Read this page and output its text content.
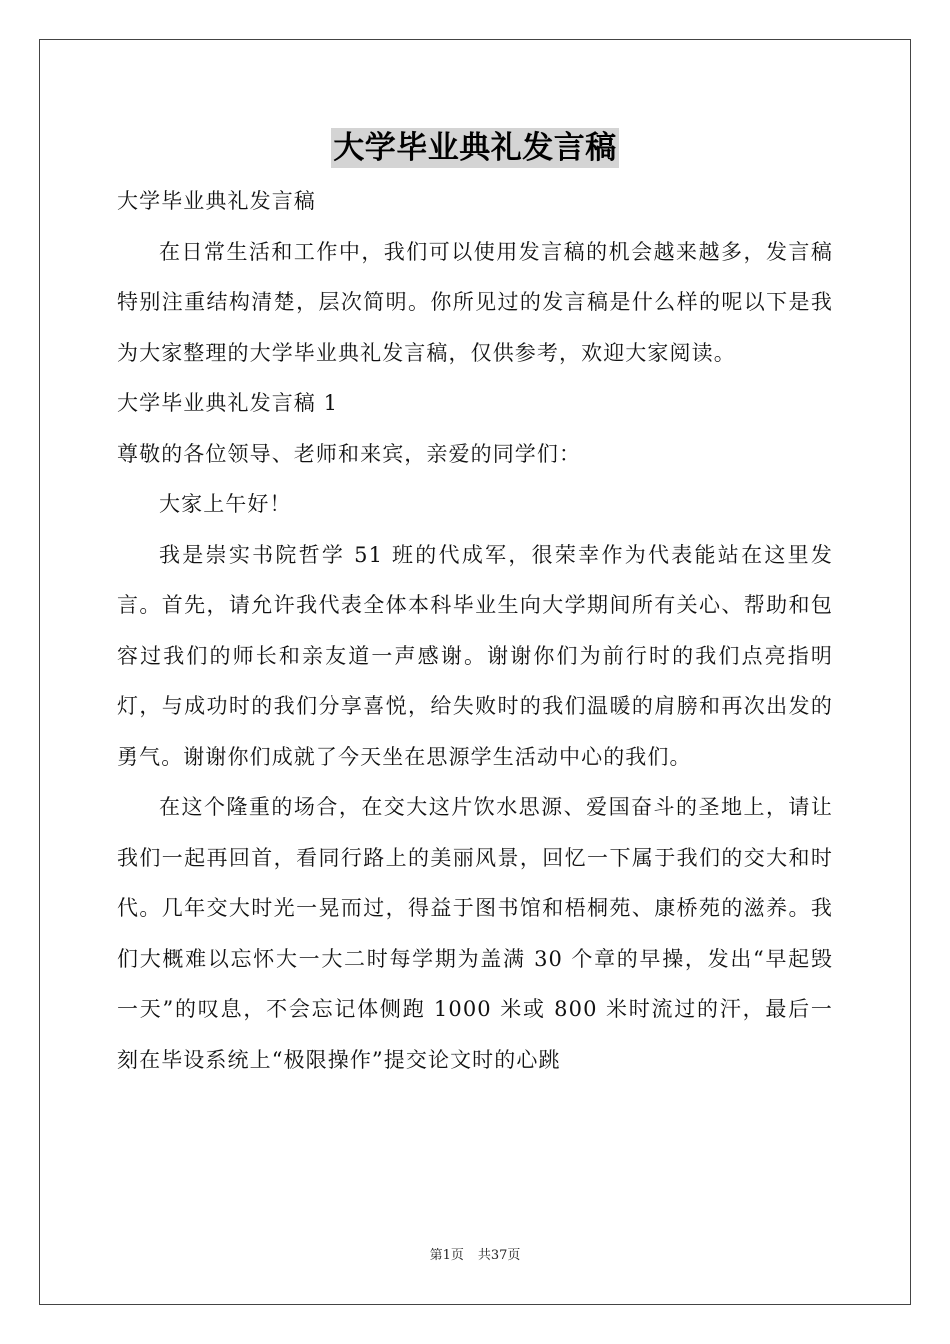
大学毕业典礼发言稿

大学毕业典礼发言稿

在日常生活和工作中，我们可以使用发言稿的机会越来越多，发言稿特别注重结构清楚，层次简明。你所见过的发言稿是什么样的呢以下是我为大家整理的大学毕业典礼发言稿，仅供参考，欢迎大家阅读。

大学毕业典礼发言稿 1

尊敬的各位领导、老师和来宾，亲爱的同学们：

大家上午好！

我是崇实书院哲学 51 班的代成军，很荣幸作为代表能站在这里发言。首先，请允许我代表全体本科毕业生向大学期间所有关心、帮助和包容过我们的师长和亲友道一声感谢。谢谢你们为前行时的我们点亮指明灯，与成功时的我们分享喜悦，给失败时的我们温暖的肩膀和再次出发的勇气。谢谢你们成就了今天坐在思源学生活动中心的我们。

在这个隆重的场合，在交大这片饮水思源、爱国奋斗的圣地上，请让我们一起再回首，看同行路上的美丽风景，回忆一下属于我们的交大和时代。几年交大时光一晃而过，得益于图书馆和梧桐苑、康桥苑的滋养。我们大概难以忘怀大一大二时每学期为盖满 30 个章的早操，发出“早起毁一天”的叹息，不会忘记体侧跑 1000 米或 800 米时流过的汗，最后一刻在毕设系统上“极限操作”提交论文时的心跳

第1页 共37页
